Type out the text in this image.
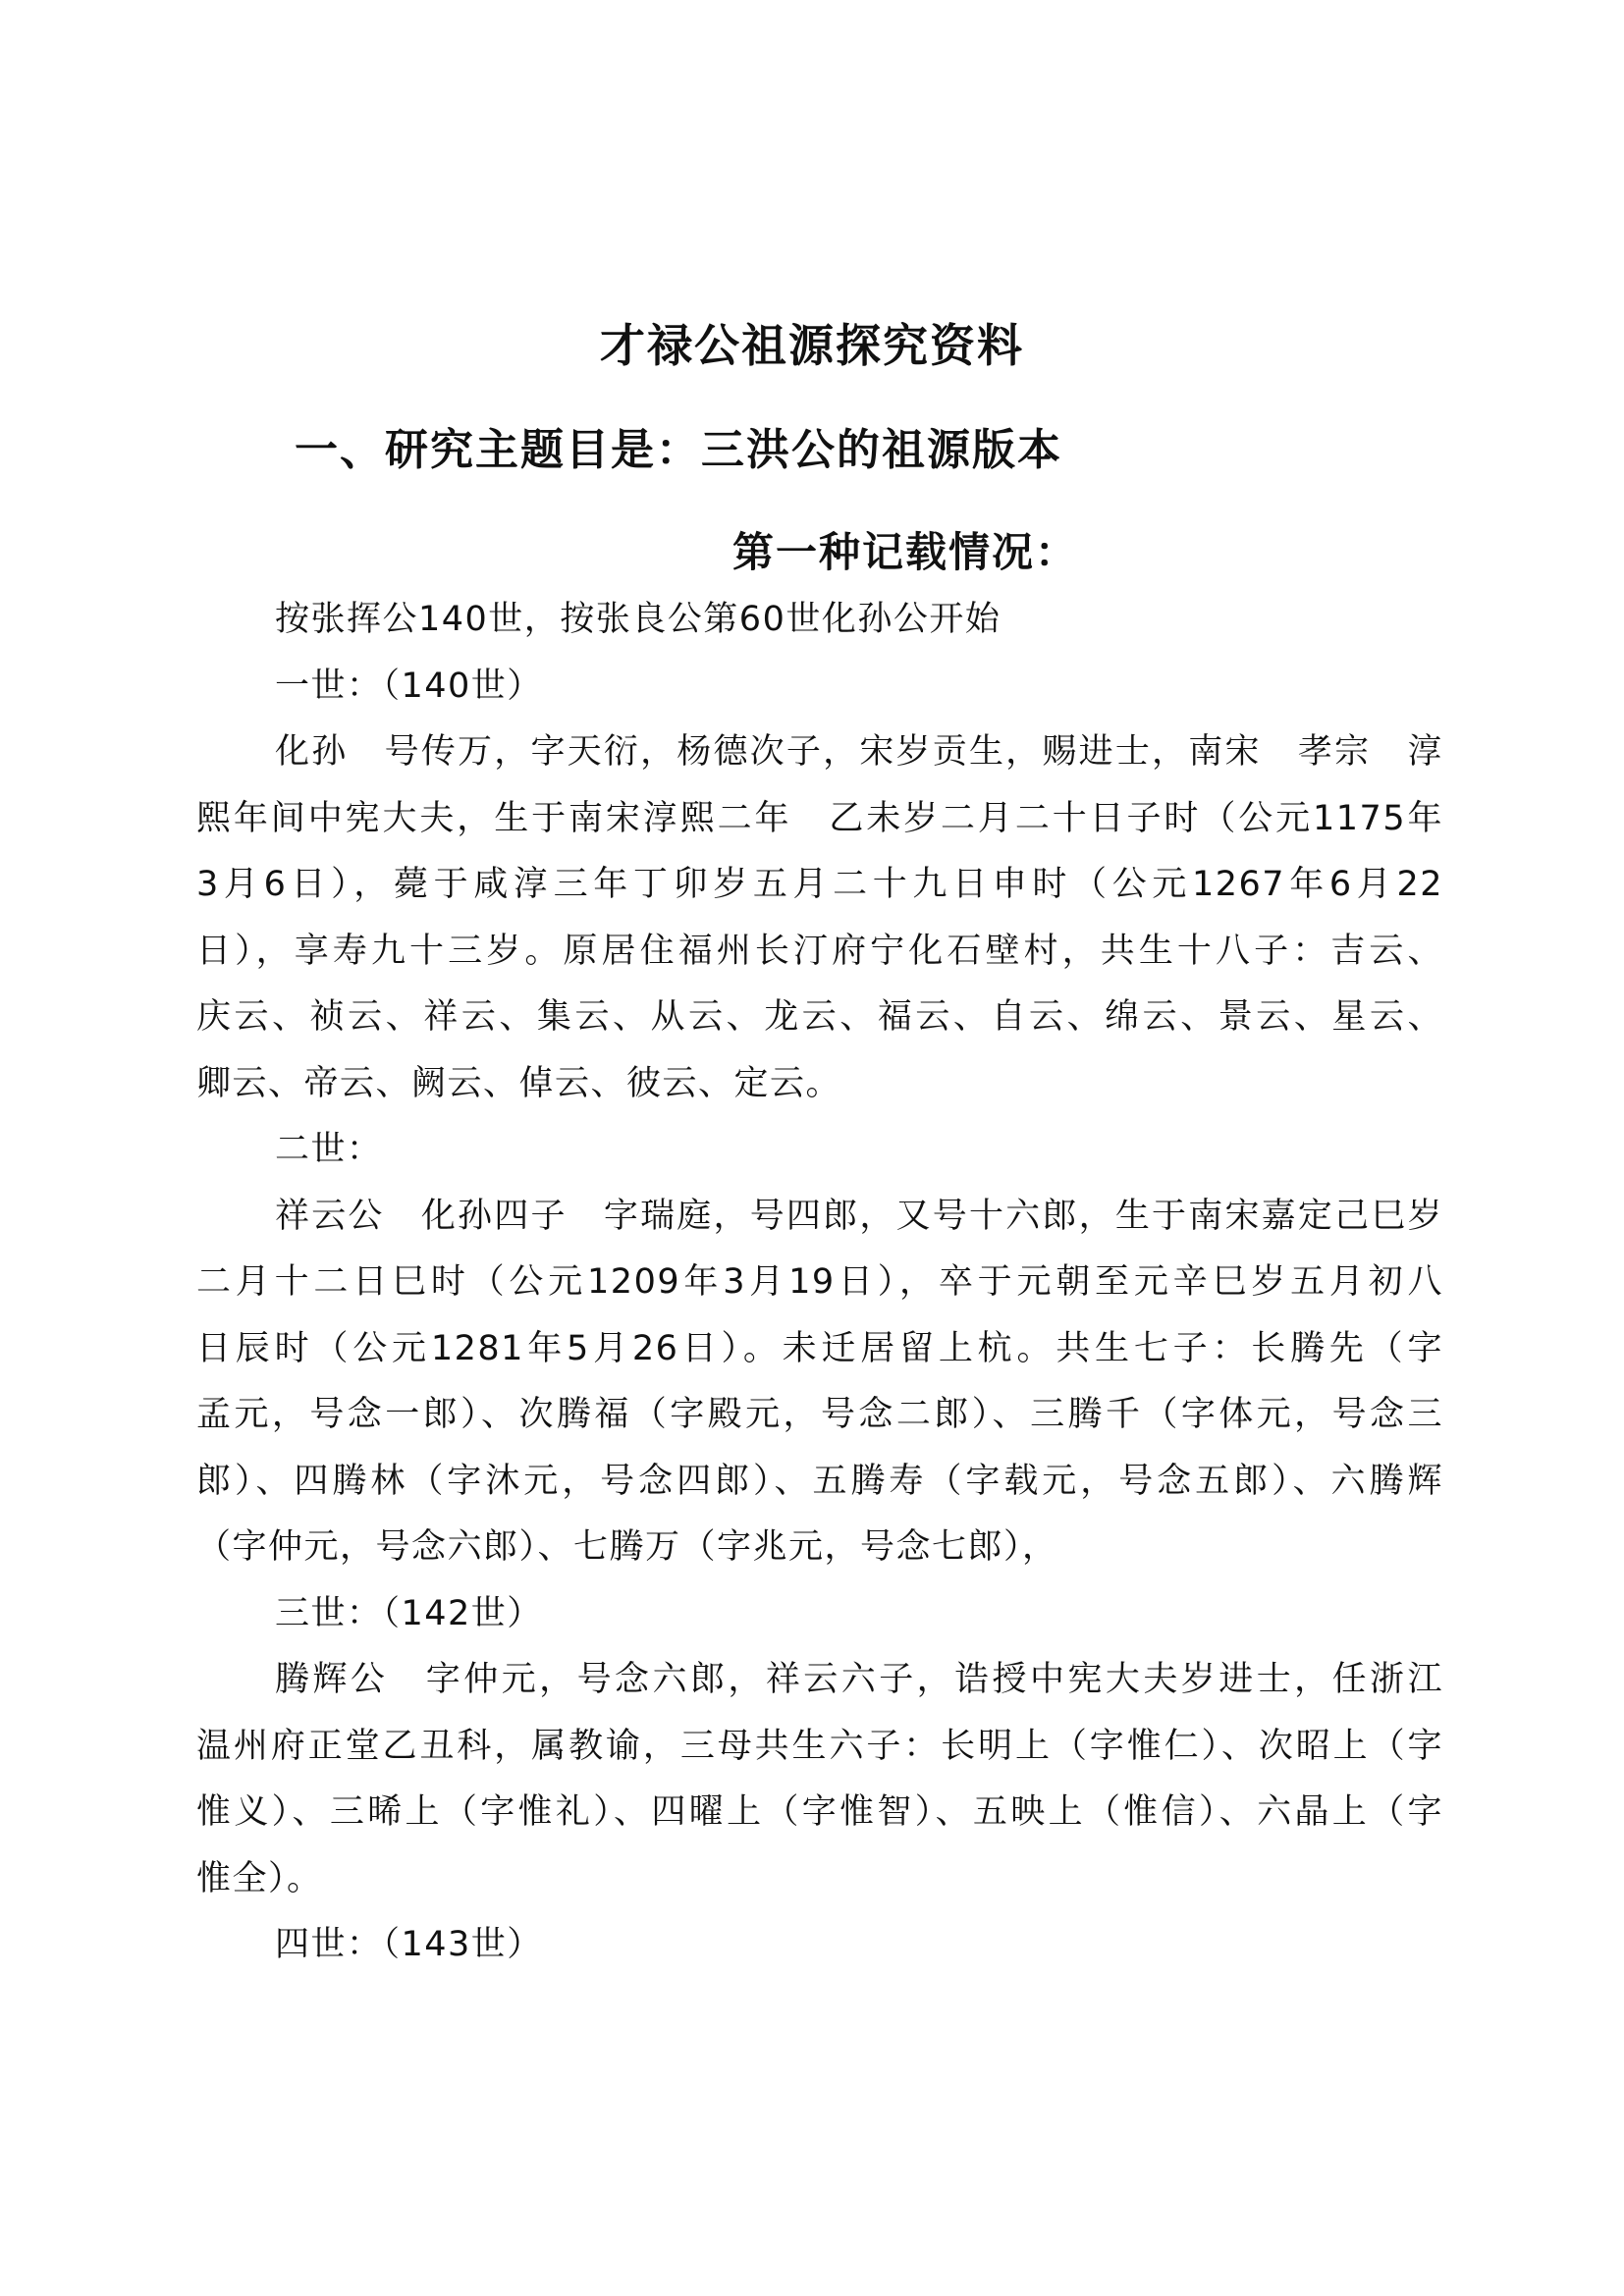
才禄公祖源探究资料
一、研究主题目是：三洪公的祖源版本
第一种记载情况：
按张挥公140世，按张良公第60世化孙公开始
一世：（140世）
化孙　号传万，字天衍，杨德次子，宋岁贡生，赐进士，南宋　孝宗　淳
熙年间中宪大夫，生于南宋淳熙二年　乙未岁二月二十日子时（公元1175年
3月6日），薨于咸淳三年丁卯岁五月二十九日申时（公元1267年6月22
日），享寿九十三岁。原居住福州长汀府宁化石壁村，共生十八子：吉云、
庆云、祯云、祥云、集云、从云、龙云、福云、自云、绵云、景云、星云、
卿云、帝云、阙云、倬云、彼云、定云。
二世：
祥云公　化孙四子　字瑞庭，号四郎，又号十六郎，生于南宋嘉定己巳岁
二月十二日巳时（公元1209年3月19日），卒于元朝至元辛巳岁五月初八
日辰时（公元1281年5月26日）。未迁居留上杭。共生七子：长腾先（字
孟元，号念一郎）、次腾福（字殿元，号念二郎）、三腾千（字体元，号念三
郎）、四腾林（字沐元，号念四郎）、五腾寿（字载元，号念五郎）、六腾辉
（字仲元，号念六郎）、七腾万（字兆元，号念七郎），
三世：（142世）
腾辉公　字仲元，号念六郎，祥云六子，诰授中宪大夫岁进士，任浙江
温州府正堂乙丑科，属教谕，三母共生六子：长明上（字惟仁）、次昭上（字
惟义）、三晞上（字惟礼）、四曜上（字惟智）、五映上（惟信）、六晶上（字
惟全）。
四世：（143世）
